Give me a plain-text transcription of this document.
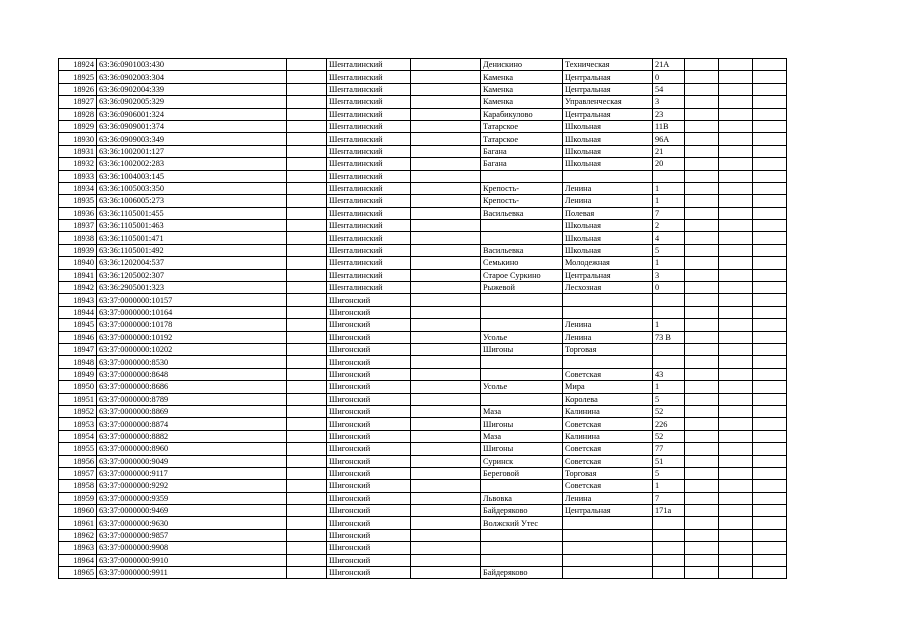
18924	63:36:0901003:430		Шенталинский		Денискино	Техническая	21А			
18925	63:36:0902003:304		Шенталинский		Каменка	Центральная	0			
18926	63:36:0902004:339		Шенталинский		Каменка	Центральная	54			
18927	63:36:0902005:329		Шенталинский		Каменка	Управленческая	3			
18928	63:36:0906001:324		Шенталинский		Карабикулово	Центральная	23			
18929	63:36:0909001:374		Шенталинский		Татарское	Школьная	11В			
18930	63:36:0909003:349		Шенталинский		Татарское	Школьная	96А			
18931	63:36:1002001:127		Шенталинский		Багана	Школьная	21			
18932	63:36:1002002:283		Шенталинский		Багана	Школьная	20			
18933	63:36:1004003:145		Шенталинский							
18934	63:36:1005003:350		Шенталинский		Крепость-	Ленина	1			
18935	63:36:1006005:273		Шенталинский		Крепость-	Ленина	1			
18936	63:36:1105001:455		Шенталинский		Васильевка	Полевая	7			
18937	63:36:1105001:463		Шенталинский			Школьная	2			
18938	63:36:1105001:471		Шенталинский			Школьная	4			
18939	63:36:1105001:492		Шенталинский		Васильевка	Школьная	5			
18940	63:36:1202004:537		Шенталинский		Семькино	Молодежная	1			
18941	63:36:1205002:307		Шенталинский		Старое Суркино	Центральная	3			
18942	63:36:2905001:323		Шенталинский		Рыжевой	Лесхозная	0			
18943	63:37:0000000:10157		Шигонский							
18944	63:37:0000000:10164		Шигонский							
18945	63:37:0000000:10178		Шигонский			Ленина	1			
18946	63:37:0000000:10192		Шигонский		Усолье	Ленина	73 В			
18947	63:37:0000000:10202		Шигонский		Шигоны	Торговая				
18948	63:37:0000000:8530		Шигонский							
18949	63:37:0000000:8648		Шигонский			Советская	43			
18950	63:37:0000000:8686		Шигонский		Усолье	Мира	1			
18951	63:37:0000000:8789		Шигонский			Королева	5			
18952	63:37:0000000:8869		Шигонский		Маза	Калинина	52			
18953	63:37:0000000:8874		Шигонский		Шигоны	Советская	226			
18954	63:37:0000000:8882		Шигонский		Маза	Калинина	52			
18955	63:37:0000000:8960		Шигонский		Шигоны	Советская	77			
18956	63:37:0000000:9049		Шигонский		Суринск	Советская	51			
18957	63:37:0000000:9117		Шигонский		Береговой	Торговая	5			
18958	63:37:0000000:9292		Шигонский			Советская	1			
18959	63:37:0000000:9359		Шигонский		Львовка	Ленина	7			
18960	63:37:0000000:9469		Шигонский		Байдеряково	Центральная	171а			
18961	63:37:0000000:9630		Шигонский		Волжский Утес					
18962	63:37:0000000:9857		Шигонский							
18963	63:37:0000000:9908		Шигонский							
18964	63:37:0000000:9910		Шигонский							
18965	63:37:0000000:9911		Шигонский		Байдеряково					
